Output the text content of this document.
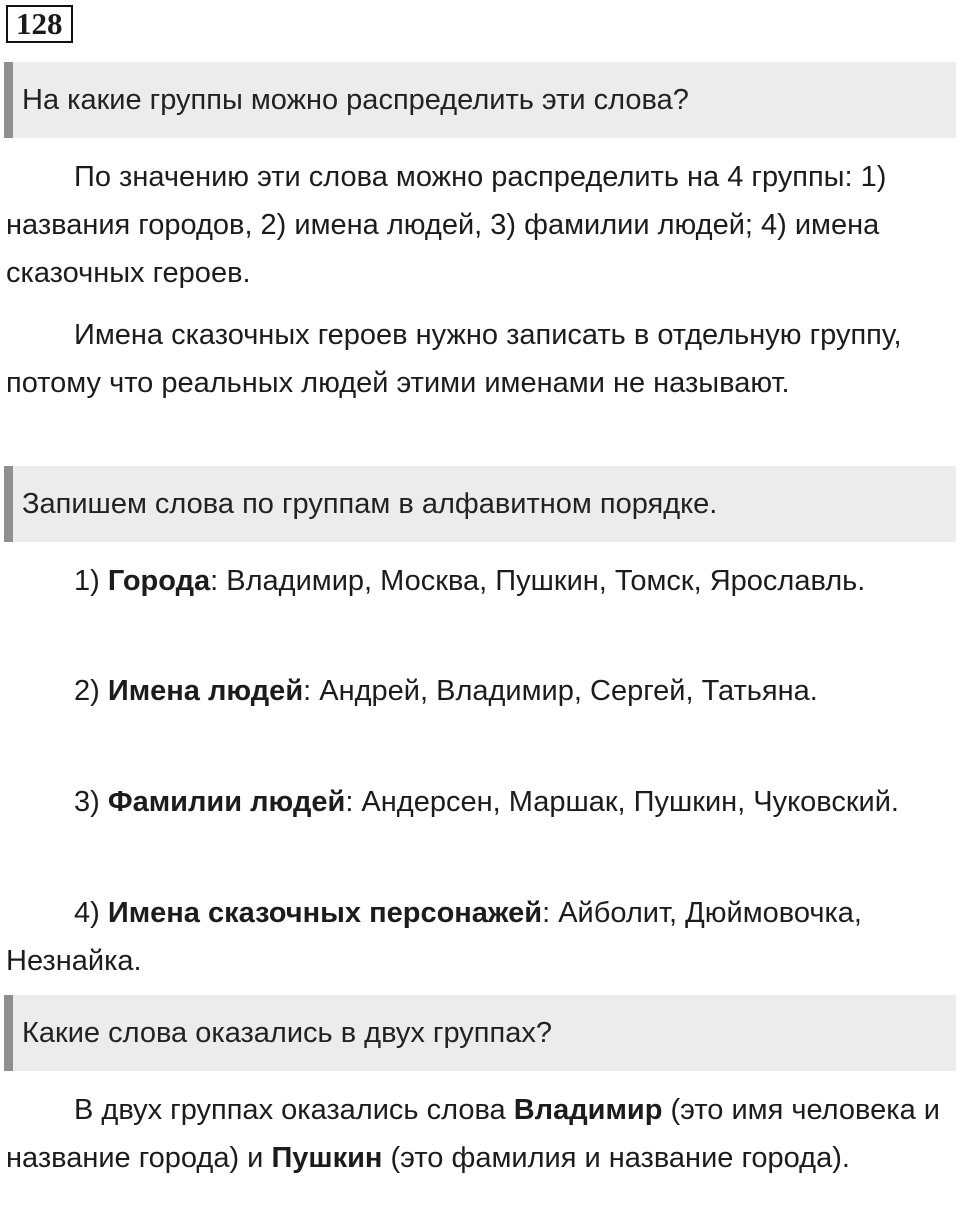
128
На какие группы можно распределить эти слова?

По значению эти слова можно распределить на 4 группы: 1) названия городов, 2) имена людей, 3) фамилии людей; 4) имена сказочных героев.

Имена сказочных героев нужно записать в отдельную группу, потому что реальных людей этими именами не называют.

Запишем слова по группам в алфавитном порядке.

1) Города: Владимир, Москва, Пушкин, Томск, Ярославль.

2) Имена людей: Андрей, Владимир, Сергей, Татьяна.

3) Фамилии людей: Андерсен, Маршак, Пушкин, Чуковский.

4) Имена сказочных персонажей: Айболит, Дюймовочка, Незнайка.

Какие слова оказались в двух группах?

В двух группах оказались слова Владимир (это имя человека и название города) и Пушкин (это фамилия и название города).
